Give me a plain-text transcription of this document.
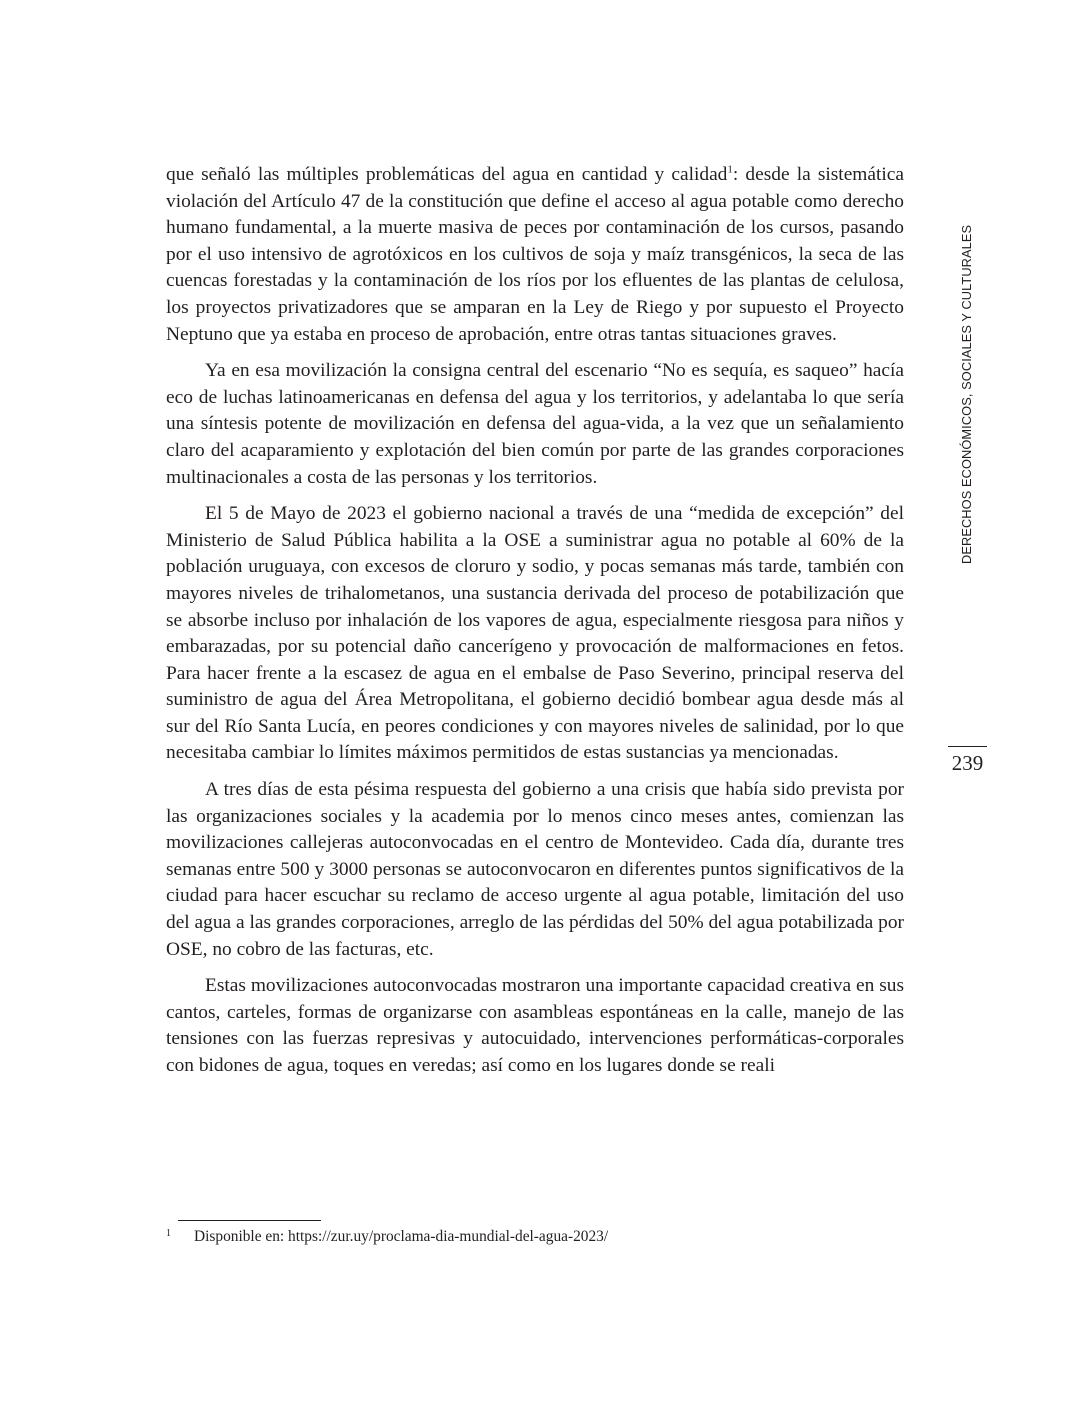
que señaló las múltiples problemáticas del agua en cantidad y calidad$^1$: desde la sistemática violación del Artículo 47 de la constitución que define el acceso al agua potable como derecho humano fundamental, a la muerte masiva de peces por contaminación de los cursos, pasando por el uso intensivo de agrotóxicos en los cultivos de soja y maíz transgénicos, la seca de las cuencas forestadas y la contaminación de los ríos por los efluentes de las plantas de celulosa, los proyectos privatizadores que se amparan en la Ley de Riego y por supuesto el Proyecto Neptuno que ya estaba en proceso de aprobación, entre otras tantas situaciones graves.

Ya en esa movilización la consigna central del escenario “No es sequía, es saqueo” hacía eco de luchas latinoamericanas en defensa del agua y los territorios, y adelantaba lo que sería una síntesis potente de movilización en defensa del agua-vida, a la vez que un señalamiento claro del acaparamiento y explotación del bien común por parte de las grandes corporaciones multinacionales a costa de las personas y los territorios.

El 5 de Mayo de 2023 el gobierno nacional a través de una “medida de excepción” del Ministerio de Salud Pública habilita a la OSE a suministrar agua no potable al 60% de la población uruguaya, con excesos de cloruro y sodio, y pocas semanas más tarde, también con mayores niveles de trihalometanos, una sustancia derivada del proceso de potabilización que se absorbe incluso por inhalación de los vapores de agua, especialmente riesgosa para niños y embarazadas, por su potencial daño cancerígeno y provocación de malformaciones en fetos. Para hacer frente a la escasez de agua en el embalse de Paso Severino, principal reserva del suministro de agua del Área Metropolitana, el gobierno decidió bombear agua desde más al sur del Río Santa Lucía, en peores condiciones y con mayores niveles de salinidad, por lo que necesitaba cambiar lo límites máximos permitidos de estas sustancias ya mencionadas.

A tres días de esta pésima respuesta del gobierno a una crisis que había sido prevista por las organizaciones sociales y la academia por lo menos cinco meses antes, comienzan las movilizaciones callejeras autoconvocadas en el centro de Montevideo. Cada día, durante tres semanas entre 500 y 3000 personas se autoconvocaron en diferentes puntos significativos de la ciudad para hacer escuchar su reclamo de acceso urgente al agua potable, limitación del uso del agua a las grandes corporaciones, arreglo de las pérdidas del 50% del agua potabilizada por OSE, no cobro de las facturas, etc.

Estas movilizaciones autoconvocadas mostraron una importante capacidad creativa en sus cantos, carteles, formas de organizarse con asambleas espontáneas en la calle, manejo de las tensiones con las fuerzas represivas y autocuidado, intervenciones performáticas-corporales con bidones de agua, toques en veredas; así como en los lugares donde se reali

DERECHOS ECONÓMICOS, SOCIALES Y CULTURALES
239
1 Disponible en: https://zur.uy/proclama-dia-mundial-del-agua-2023/
